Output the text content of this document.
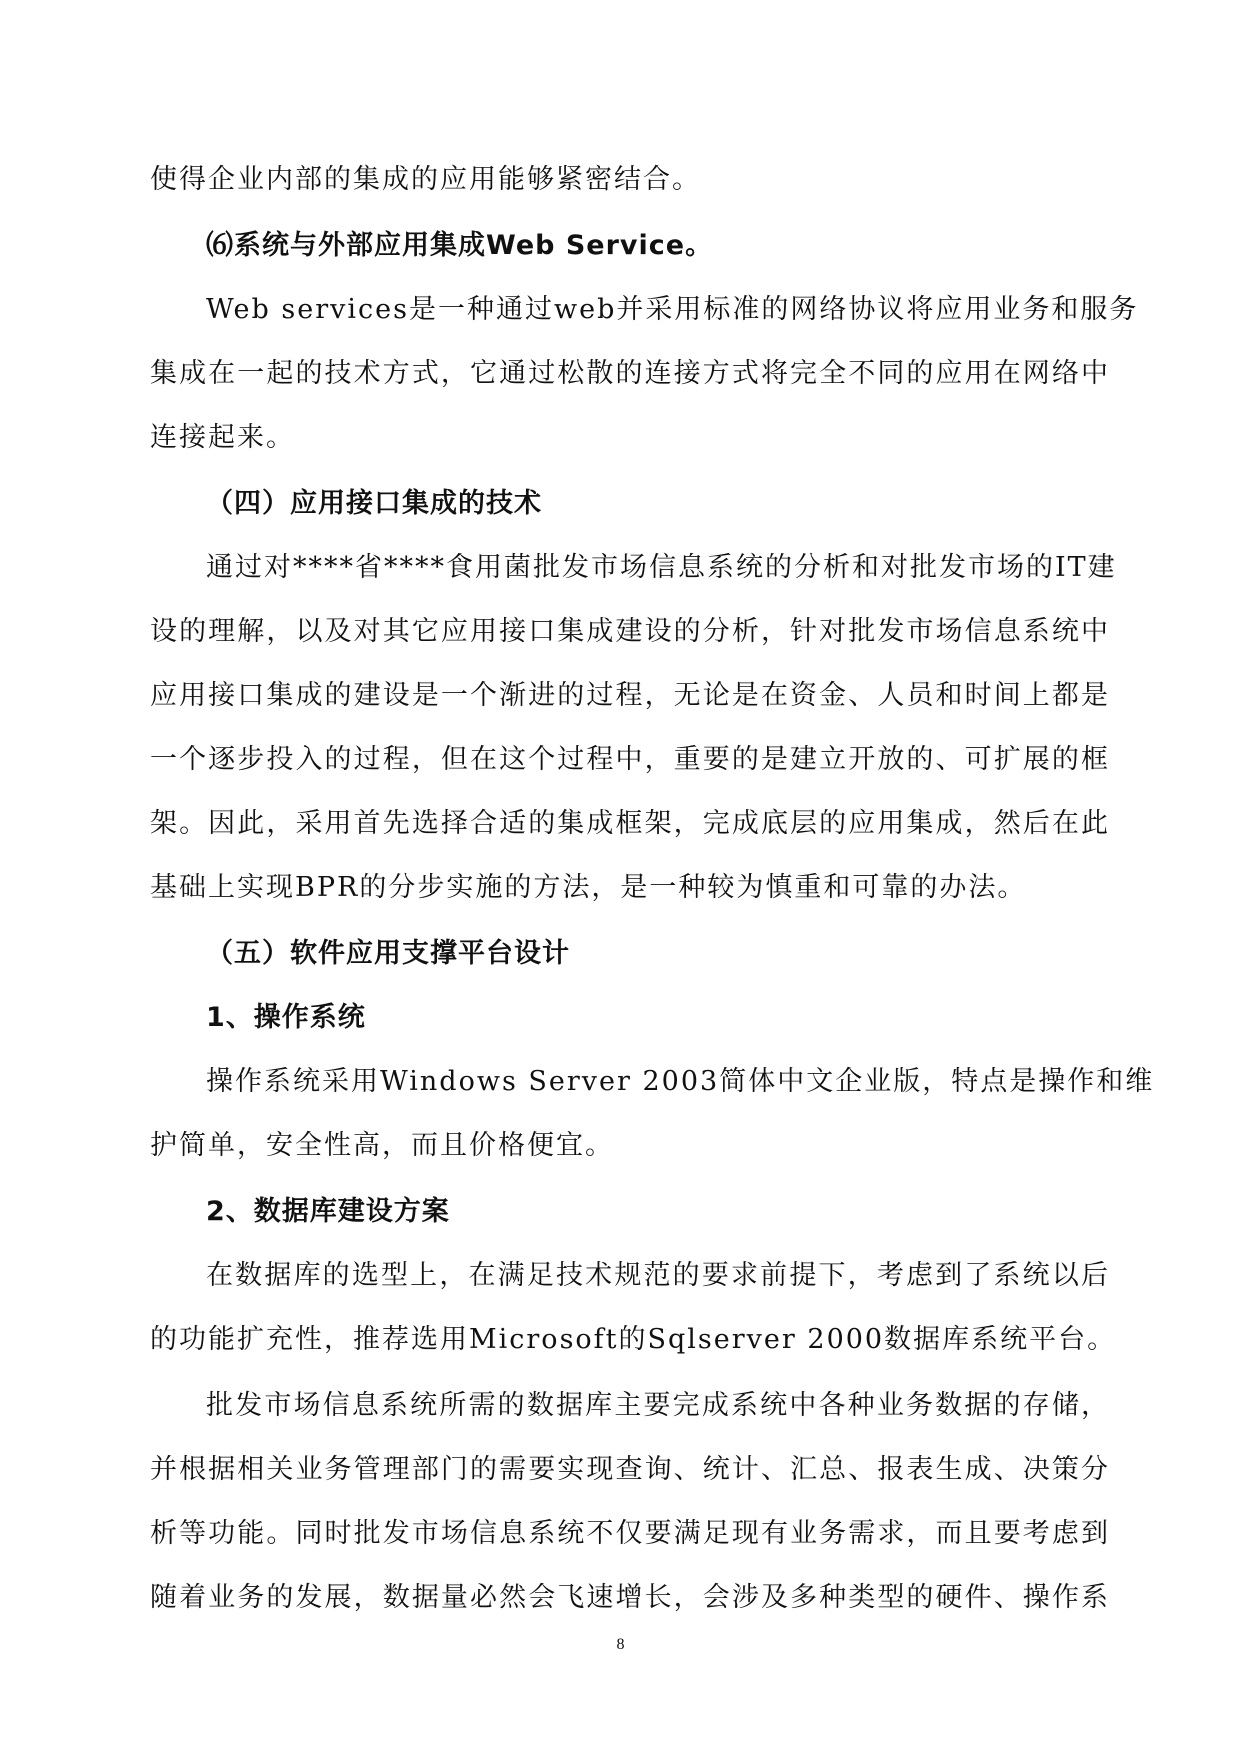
使得企业内部的集成的应用能够紧密结合。
⑹系统与外部应用集成Web Service。
Web services是一种通过web并采用标准的网络协议将应用业务和服务
集成在一起的技术方式，它通过松散的连接方式将完全不同的应用在网络中
连接起来。
（四）应用接口集成的技术
通过对****省****食用菌批发市场信息系统的分析和对批发市场的IT建
设的理解，以及对其它应用接口集成建设的分析，针对批发市场信息系统中
应用接口集成的建设是一个渐进的过程，无论是在资金、人员和时间上都是
一个逐步投入的过程，但在这个过程中，重要的是建立开放的、可扩展的框
架。因此，采用首先选择合适的集成框架，完成底层的应用集成，然后在此
基础上实现BPR的分步实施的方法，是一种较为慎重和可靠的办法。
（五）软件应用支撑平台设计
1、操作系统
操作系统采用Windows Server 2003简体中文企业版，特点是操作和维
护简单，安全性高，而且价格便宜。
2、数据库建设方案
在数据库的选型上，在满足技术规范的要求前提下，考虑到了系统以后
的功能扩充性，推荐选用Microsoft的Sqlserver 2000数据库系统平台。
批发市场信息系统所需的数据库主要完成系统中各种业务数据的存储，
并根据相关业务管理部门的需要实现查询、统计、汇总、报表生成、决策分
析等功能。同时批发市场信息系统不仅要满足现有业务需求，而且要考虑到
随着业务的发展，数据量必然会飞速增长，会涉及多种类型的硬件、操作系
8
